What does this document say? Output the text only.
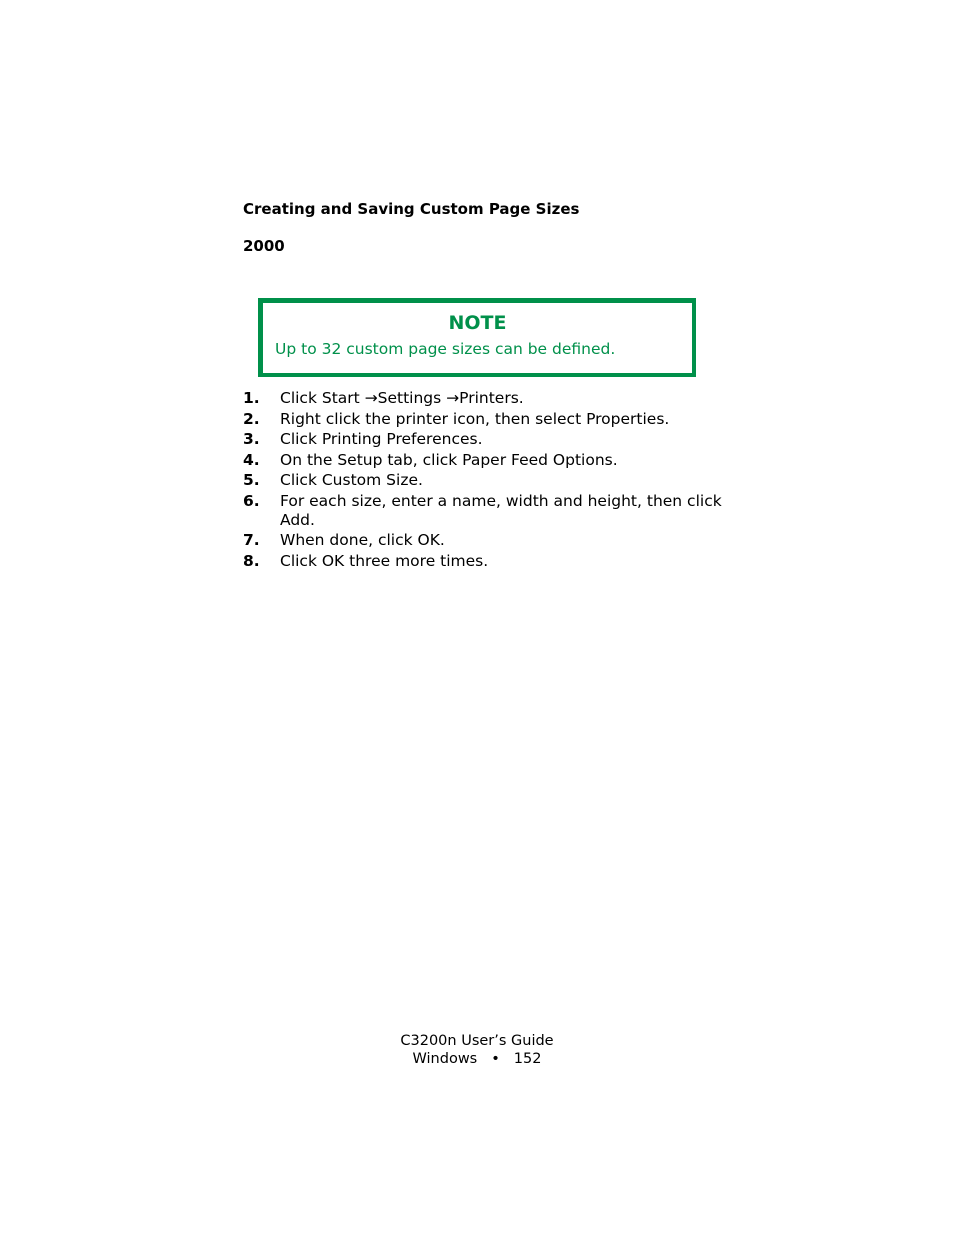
Creating and Saving Custom Page Sizes
2000
NOTE
Up to 32 custom page sizes can be defined.
1.	Click Start →Settings →Printers.
2.	Right click the printer icon, then select Properties.
3.	Click Printing Preferences.
4.	On the Setup tab, click Paper Feed Options.
5.	Click Custom Size.
6.	For each size, enter a name, width and height, then click
Add.
7.	When done, click OK.
8.	Click OK three more times.
C3200n User’s Guide
Windows • 152
